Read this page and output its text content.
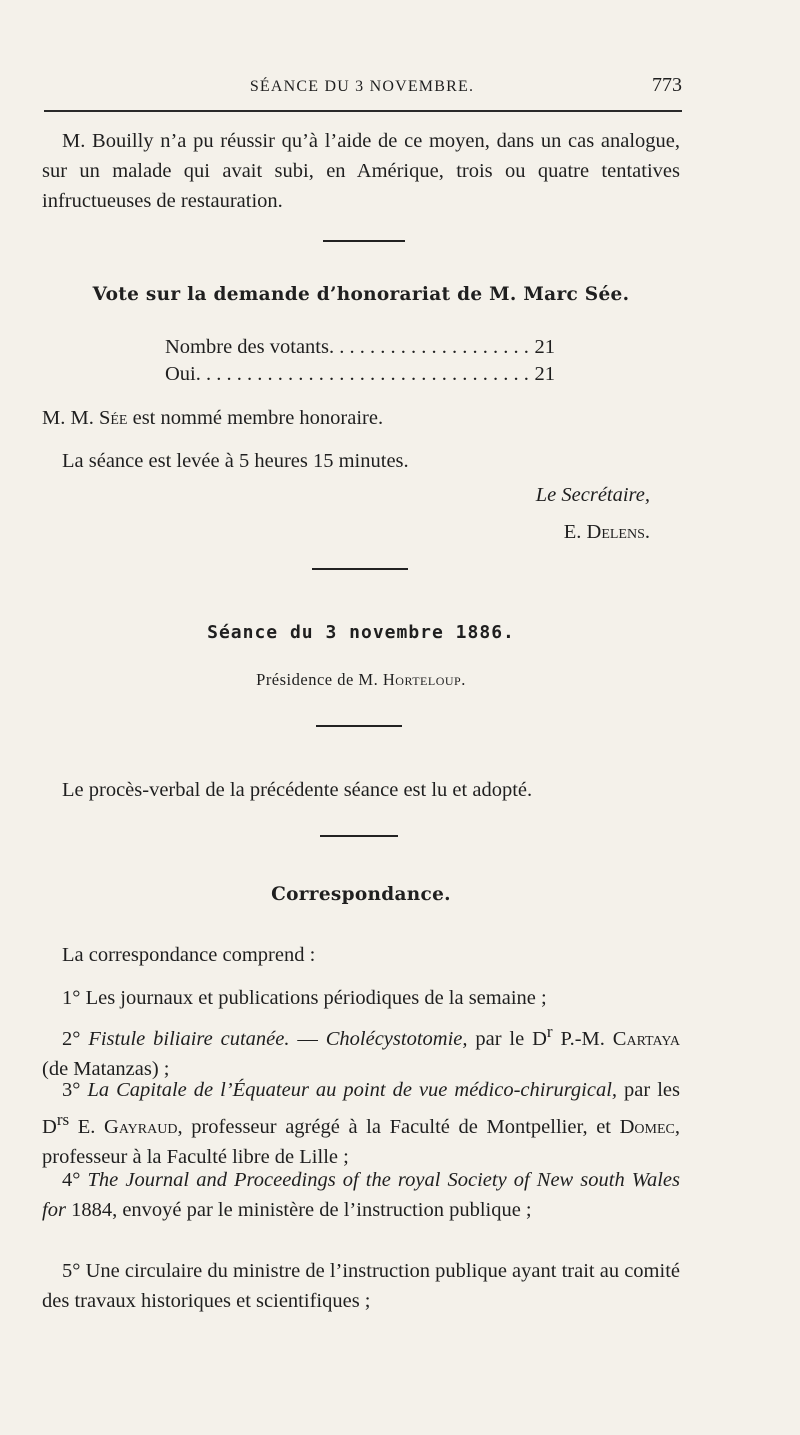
SÉANCE DU 3 NOVEMBRE.	773
M. Bouilly n’a pu réussir qu’à l’aide de ce moyen, dans un cas analogue, sur un malade qui avait subi, en Amérique, trois ou quatre tentatives infructueuses de restauration.
Vote sur la demande d’honorariat de M. Marc Sée.
Nombre des votants . . .	21
Oui . . .	21
M. M. Sée est nommé membre honoraire.
La séance est levée à 5 heures 15 minutes.
Le Secrétaire,
E. Delens.
Séance du 3 novembre 1886.
Présidence de M. Horteloup.
Le procès-verbal de la précédente séance est lu et adopté.
Correspondance.
La correspondance comprend :
1° Les journaux et publications périodiques de la semaine ;
2° Fistule biliaire cutanée. — Cholécystotomie, par le $D^r$ P.-M. Cartaya (de Matanzas) ;
3° La Capitale de l’Équateur au point de vue médico-chirurgical, par les $D^{rs}$ E. Gayraud, professeur agrégé à la Faculté de Montpellier, et Domec, professeur à la Faculté libre de Lille ;
4° The Journal and Proceedings of the royal Society of New south Wales for 1884, envoyé par le ministère de l’instruction publique ;
5° Une circulaire du ministre de l’instruction publique ayant trait au comité des travaux historiques et scientifiques ;
